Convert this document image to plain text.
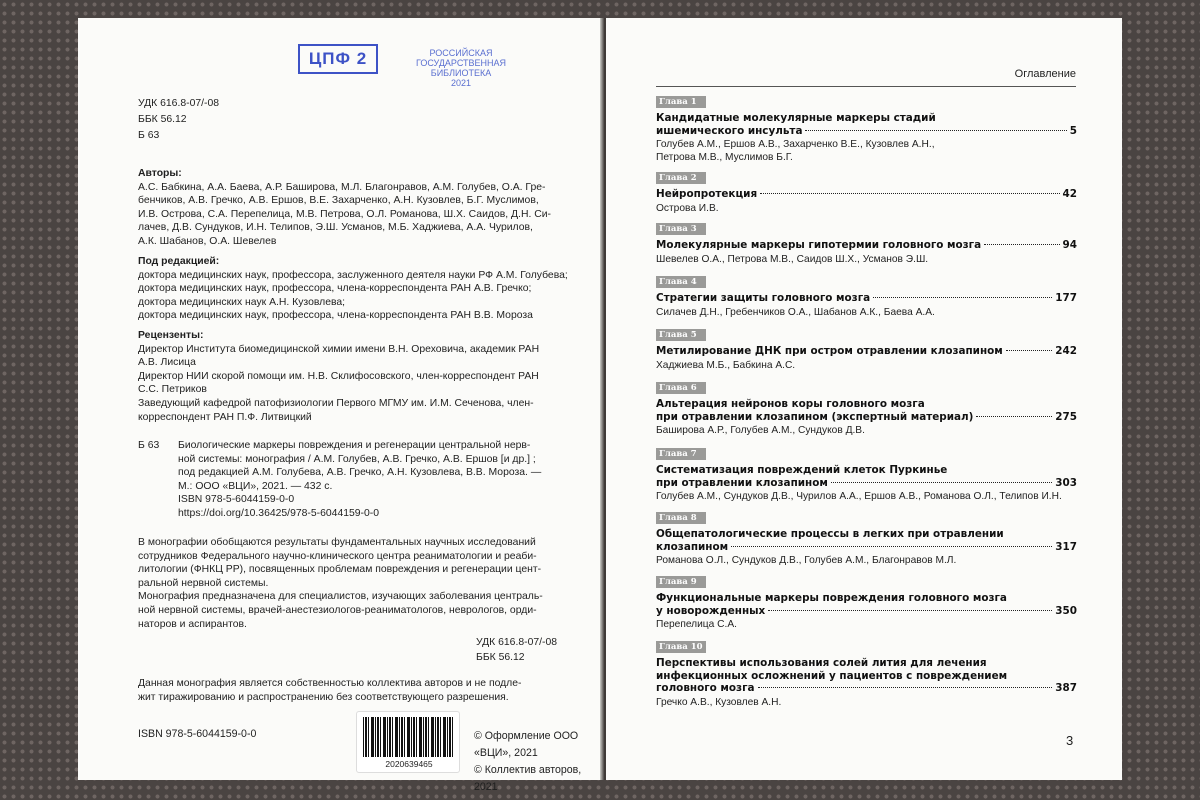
ЦПФ 2	РОССИЙСКАЯ
ГОСУДАРСТВЕННАЯ
БИБЛИОТЕКА
2021
УДК 616.8-07/-08
ББК 56.12
Б 63
Авторы:
А.С. Бабкина, А.А. Баева, А.Р. Баширова, М.Л. Благонравов, А.М. Голубев, О.А. Гре-
бенчиков, А.В. Гречко, А.В. Ершов, В.Е. Захарченко, А.Н. Кузовлев, Б.Г. Муслимов,
И.В. Острова, С.А. Перепелица, М.В. Петрова, О.Л. Романова, Ш.Х. Саидов, Д.Н. Си-
лачев, Д.В. Сундуков, И.Н. Телипов, Э.Ш. Усманов, М.Б. Хаджиева, А.А. Чурилов,
А.К. Шабанов, О.А. Шевелев
Под редакцией:
доктора медицинских наук, профессора, заслуженного деятеля науки РФ А.М. Голубева;
доктора медицинских наук, профессора, члена-корреспондента РАН А.В. Гречко;
доктора медицинских наук А.Н. Кузовлева;
доктора медицинских наук, профессора, члена-корреспондента РАН В.В. Мороза
Рецензенты:
Директор Института биомедицинской химии имени В.Н. Ореховича, академик РАН
А.В. Лисица
Директор НИИ скорой помощи им. Н.В. Склифосовского, член-корреспондент РАН
С.С. Петриков
Заведующий кафедрой патофизиологии Первого МГМУ им. И.М. Сеченова, член-
корреспондент РАН П.Ф. Литвицкий
Б 63	Биологические маркеры повреждения и регенерации центральной нерв-
ной системы: монография / А.М. Голубев, А.В. Гречко, А.В. Ершов [и др.] ;
под редакцией А.М. Голубева, А.В. Гречко, А.Н. Кузовлева, В.В. Мороза. —
М.: ООО «ВЦИ», 2021. — 432 с.
ISBN 978-5-6044159-0-0
https://doi.org/10.36425/978-5-6044159-0-0
В монографии обобщаются результаты фундаментальных научных исследований
сотрудников Федерального научно-клинического центра реаниматологии и реаби-
литологии (ФНКЦ РР), посвященных проблемам повреждения и регенерации цент-
ральной нервной системы.
Монография предназначена для специалистов, изучающих заболевания централь-
ной нервной системы, врачей-анестезиологов-реаниматологов, неврологов, орди-
наторов и аспирантов.
УДК 616.8-07/-08
ББК 56.12
Данная монография является собственностью коллектива авторов и не подле-
жит тиражированию и распространению без соответствующего разрешения.
ISBN 978-5-6044159-0-0
2020639465
© Оформление ООО «ВЦИ», 2021
© Коллектив авторов, 2021
Оглавление
Глава 1
Кандидатные молекулярные маркеры стадий
ишемического инсульта	5
Голубев А.М., Ершов А.В., Захарченко В.Е., Кузовлев А.Н.,
Петрова М.В., Муслимов Б.Г.
Глава 2
Нейропротекция	42
Острова И.В.
Глава 3
Молекулярные маркеры гипотермии головного мозга	94
Шевелев О.А., Петрова М.В., Саидов Ш.Х., Усманов Э.Ш.
Глава 4
Стратегии защиты головного мозга	177
Силачев Д.Н., Гребенчиков О.А., Шабанов А.К., Баева А.А.
Глава 5
Метилирование ДНК при остром отравлении клозапином	242
Хаджиева М.Б., Бабкина А.С.
Глава 6
Альтерация нейронов коры головного мозга
при отравлении клозапином (экспертный материал)	275
Баширова А.Р., Голубев А.М., Сундуков Д.В.
Глава 7
Систематизация повреждений клеток Пуркинье
при отравлении клозапином	303
Голубев А.М., Сундуков Д.В., Чурилов А.А., Ершов А.В., Романова О.Л., Телипов И.Н.
Глава 8
Общепатологические процессы в легких при отравлении
клозапином	317
Романова О.Л., Сундуков Д.В., Голубев А.М., Благонравов М.Л.
Глава 9
Функциональные маркеры повреждения головного мозга
у новорожденных	350
Перепелица С.А.
Глава 10
Перспективы использования солей лития для лечения
инфекционных осложнений у пациентов с повреждением
головного мозга	387
Гречко А.В., Кузовлев А.Н.
3
